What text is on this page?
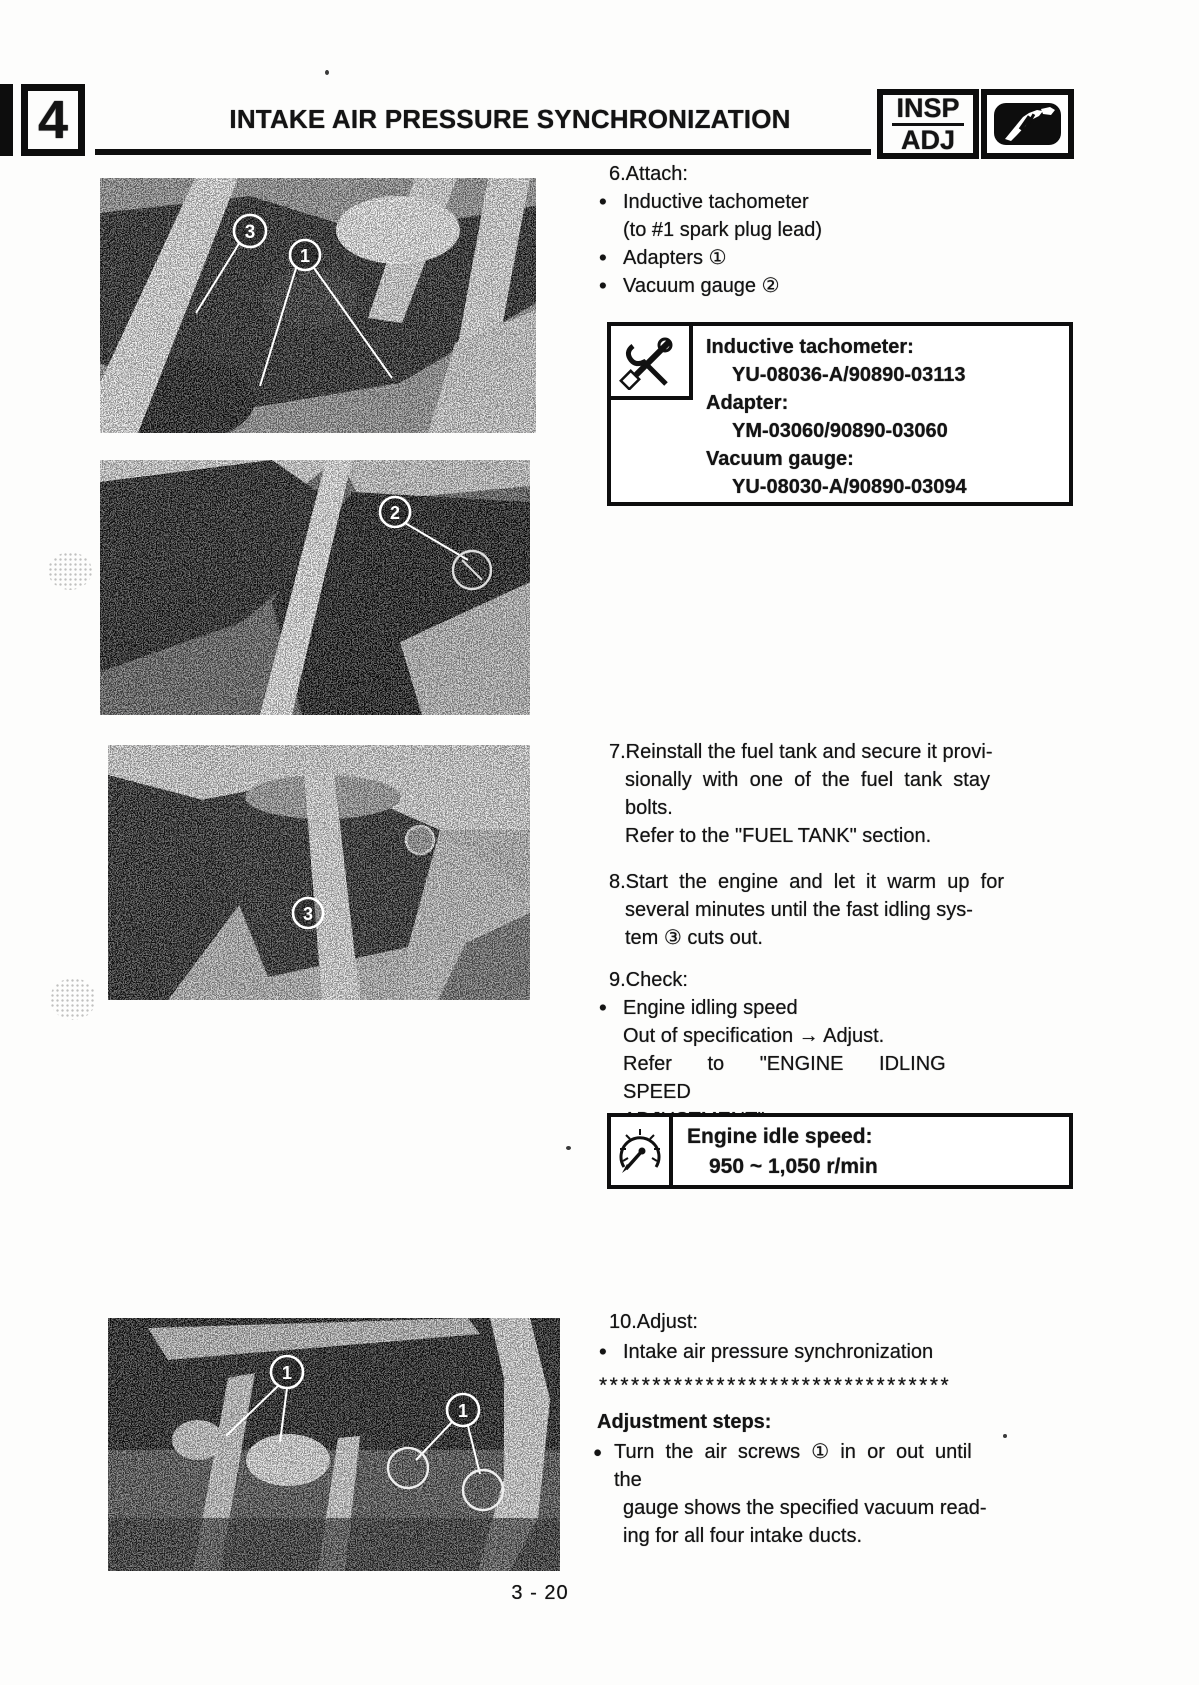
4	INTAKE AIR PRESSURE SYNCHRONIZATION	INSP
ADJ
3
1
2
3
1
1
6.Attach:
• Inductive tachometer
(to #1 spark plug lead)
• Adapters ①
• Vacuum gauge ②
Inductive tachometer:
YU-08036-A/90890-03113
Adapter:
YM-03060/90890-03060
Vacuum gauge:
YU-08030-A/90890-03094
7.Reinstall the fuel tank and secure it provi-
sionally with one of the fuel tank stay
bolts.
Refer to the "FUEL TANK" section.
8.Start the engine and let it warm up for
several minutes until the fast idling sys-
tem ③ cuts out.
9.Check:
• Engine idling speed
Out of specification → Adjust.
Refer to "ENGINE IDLING SPEED
Engine idle speed:
950 ~ 1,050 r/min
10.Adjust:
• Intake air pressure synchronization
*********************************
Adjustment steps:
● Turn the air screws ① in or out until the
gauge shows the specified vacuum read-
ing for all four intake ducts.
3 - 20
